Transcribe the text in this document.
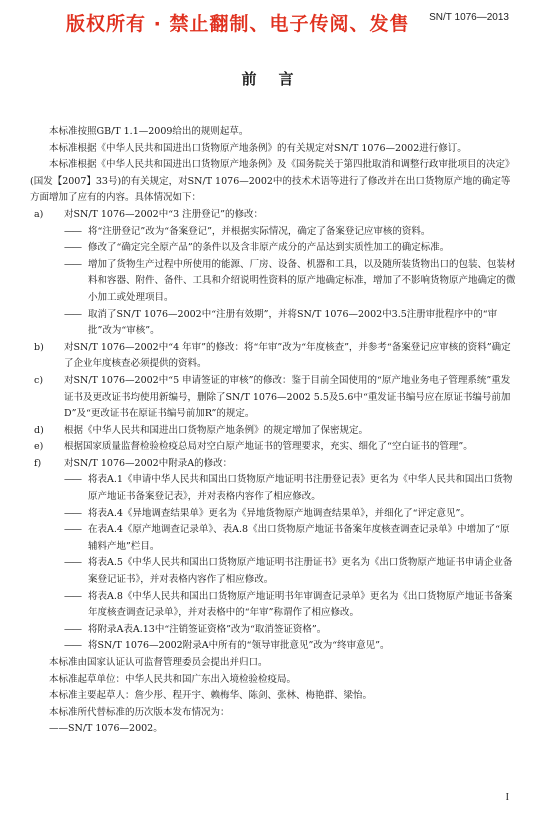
版权所有 · 禁止翻制、电子传阅、发售 SN/T 1076—2013
前言

本标准按照GB/T 1.1—2009给出的规则起草。

本标准根据《中华人民共和国进出口货物原产地条例》的有关规定对SN/T 1076—2002进行修订。

本标准根据《中华人民共和国进出口货物原产地条例》及《国务院关于第四批取消和调整行政审批项目的决定》(国发【2007】33号)的有关规定，对SN/T 1076—2002中的技术术语等进行了修改并在出口货物原产地的确定等方面增加了应有的内容。具体情况如下：

a) 对SN/T 1076—2002中“3 注册登记”的修改：

—— 将“注册登记”改为“备案登记”，并根据实际情况，确定了备案登记应审核的资料。

—— 修改了“确定完全原产品”的条件以及含非原产成分的产品达到实质性加工的确定标准。

—— 增加了货物生产过程中所使用的能源、厂房、设备、机器和工具，以及随所装货物出口的包装、包装材料和容器、附件、备件、工具和介绍说明性资料的原产地确定标准，增加了不影响货物原产地确定的微小加工或处理项目。

—— 取消了SN/T 1076—2002中“注册有效期”，并将SN/T 1076—2002中3.5注册审批程序中的“审批”改为“审核”。

b) 对SN/T 1076—2002中“4 年审”的修改：将“年审”改为“年度核查”，并参考“备案登记应审核的资料”确定了企业年度核查必须提供的资料。

c) 对SN/T 1076—2002中“5 申请签证的审核”的修改：鉴于目前全国使用的“原产地业务电子管理系统”重发证书及更改证书均使用新编号，删除了SN/T 1076—2002 5.5及5.6中“重发证书编号应在原证书编号前加D”及“更改证书在原证书编号前加R”的规定。

d) 根据《中华人民共和国进出口货物原产地条例》的规定增加了保密规定。

e) 根据国家质量监督检验检疫总局对空白原产地证书的管理要求，充实、细化了“空白证书的管理”。

f) 对SN/T 1076—2002中附录A的修改：

—— 将表A.1《申请中华人民共和国出口货物原产地证明书注册登记表》更名为《中华人民共和国出口货物原产地证书备案登记表》，并对表格内容作了相应修改。

—— 将表A.4《异地调查结果单》更名为《异地货物原产地调查结果单》，并细化了“评定意见”。

—— 在表A.4《原产地调查记录单》、表A.8《出口货物原产地证书备案年度核查调查记录单》中增加了“原辅料产地”栏目。

—— 将表A.5《中华人民共和国出口货物原产地证明书注册证书》更名为《出口货物原产地证书申请企业备案登记证书》，并对表格内容作了相应修改。

—— 将表A.8《中华人民共和国出口货物原产地证明书年审调查记录单》更名为《出口货物原产地证书备案年度核查调查记录单》，并对表格中的“年审”称谓作了相应修改。

—— 将附录A表A.13中“注销签证资格”改为“取消签证资格”。

—— 将SN/T 1076—2002附录A中所有的“领导审批意见”改为“终审意见”。

本标准由国家认证认可监督管理委员会提出并归口。

本标准起草单位：中华人民共和国广东出入境检验检疫局。

本标准主要起草人：詹少彤、程开宇、赖梅华、陈剑、张林、梅艳群、梁怡。

本标准所代替标准的历次版本发布情况为：

——SN/T 1076—2002。

I
